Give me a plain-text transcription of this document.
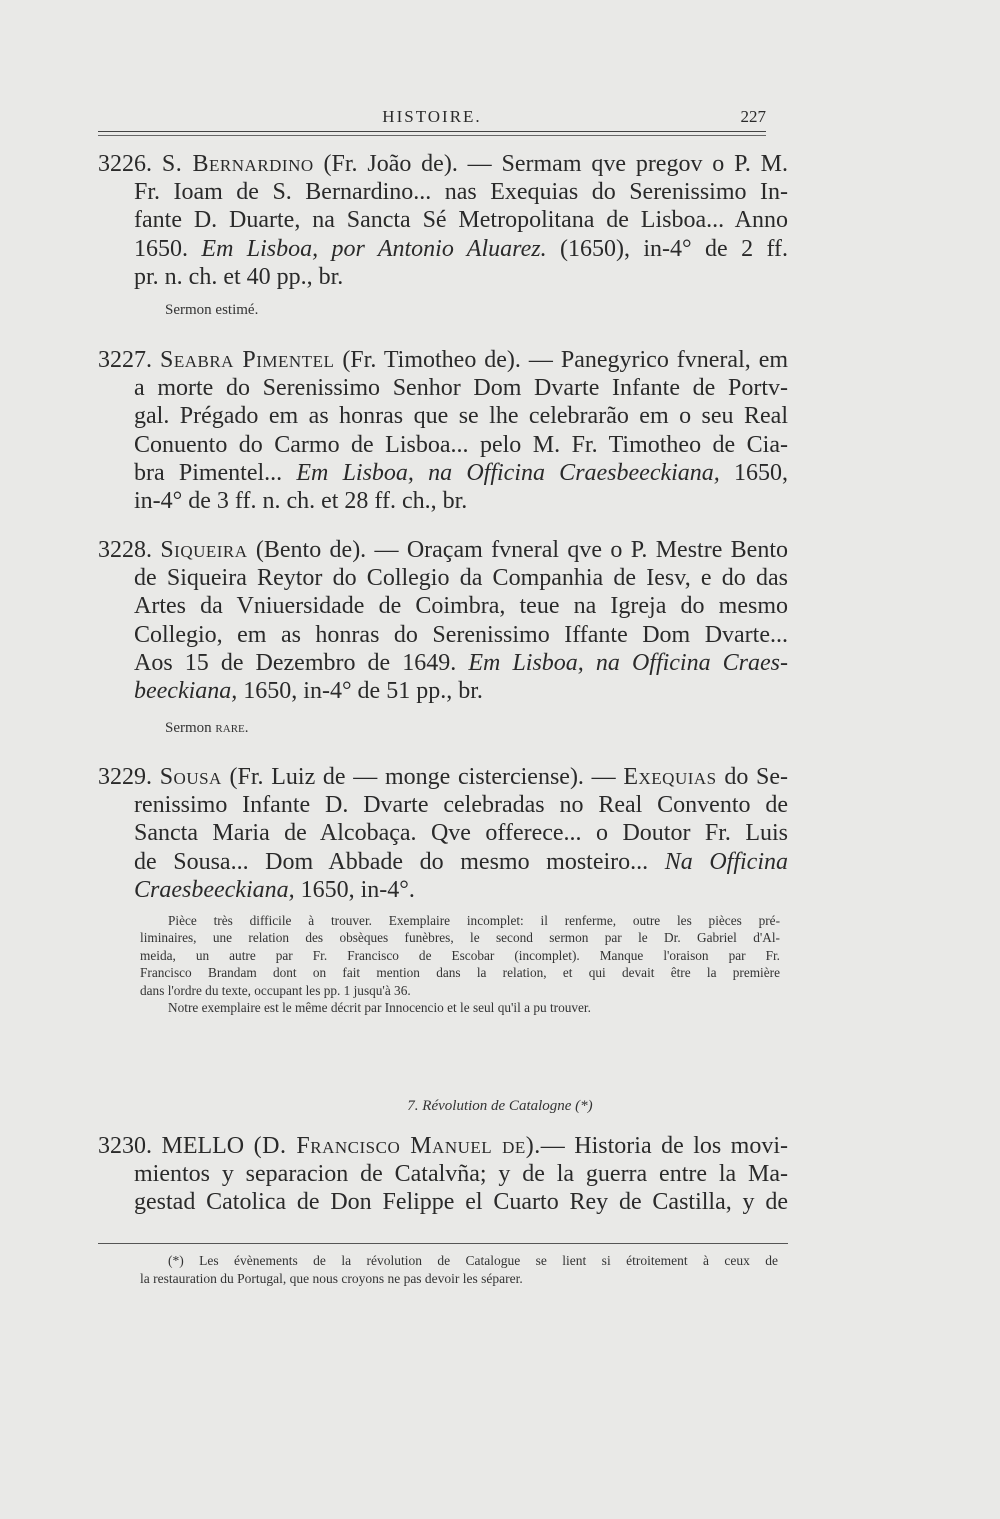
HISTOIRE.	227
3226. S. Bernardino (Fr. João de). — Sermam qve pregov o P. M.
Fr. Ioam de S. Bernardino... nas Exequias do Serenissimo In-
fante D. Duarte, na Sancta Sé Metropolitana de Lisboa... Anno
1650. Em Lisboa, por Antonio Aluarez. (1650), in-4° de 2 ff.
pr. n. ch. et 40 pp., br.
Sermon estimé.
3227. Seabra Pimentel (Fr. Timotheo de). — Panegyrico fvneral, em
a morte do Serenissimo Senhor Dom Dvarte Infante de Portv-
gal. Prégado em as honras que se lhe celebrarão em o seu Real
Conuento do Carmo de Lisboa... pelo M. Fr. Timotheo de Cia-
bra Pimentel... Em Lisboa, na Officina Craesbeeckiana, 1650,
in-4° de 3 ff. n. ch. et 28 ff. ch., br.
3228. Siqueira (Bento de). — Oraçam fvneral qve o P. Mestre Bento
de Siqueira Reytor do Collegio da Companhia de Iesv, e do das
Artes da Vniuersidade de Coimbra, teue na Igreja do mesmo
Collegio, em as honras do Serenissimo Iffante Dom Dvarte...
Aos 15 de Dezembro de 1649. Em Lisboa, na Officina Craes-
beeckiana, 1650, in-4° de 51 pp., br.
Sermon rare.
3229. Sousa (Fr. Luiz de — monge cisterciense). — Exequias do Se-
renissimo Infante D. Dvarte celebradas no Real Convento de
Sancta Maria de Alcobaça. Qve offerece... o Doutor Fr. Luis
de Sousa... Dom Abbade do mesmo mosteiro... Na Officina
Craesbeeckiana, 1650, in-4°.
Pièce très difficile à trouver. Exemplaire incomplet: il renferme, outre les pièces pré-
liminaires, une relation des obsèques funèbres, le second sermon par le Dr. Gabriel d'Al-
meida, un autre par Fr. Francisco de Escobar (incomplet). Manque l'oraison par Fr.
Francisco Brandam dont on fait mention dans la relation, et qui devait être la première
dans l'ordre du texte, occupant les pp. 1 jusqu'à 36.
Notre exemplaire est le même décrit par Innocencio et le seul qu'il a pu trouver.
7. Révolution de Catalogne (*)
3230. MELLO (D. Francisco Manuel de).— Historia de los movi-
mientos y separacion de Catalvña; y de la guerra entre la Ma-
gestad Catolica de Don Felippe el Cuarto Rey de Castilla, y de
(*) Les évènements de la révolution de Catalogue se lient si étroitement à ceux de
la restauration du Portugal, que nous croyons ne pas devoir les séparer.
